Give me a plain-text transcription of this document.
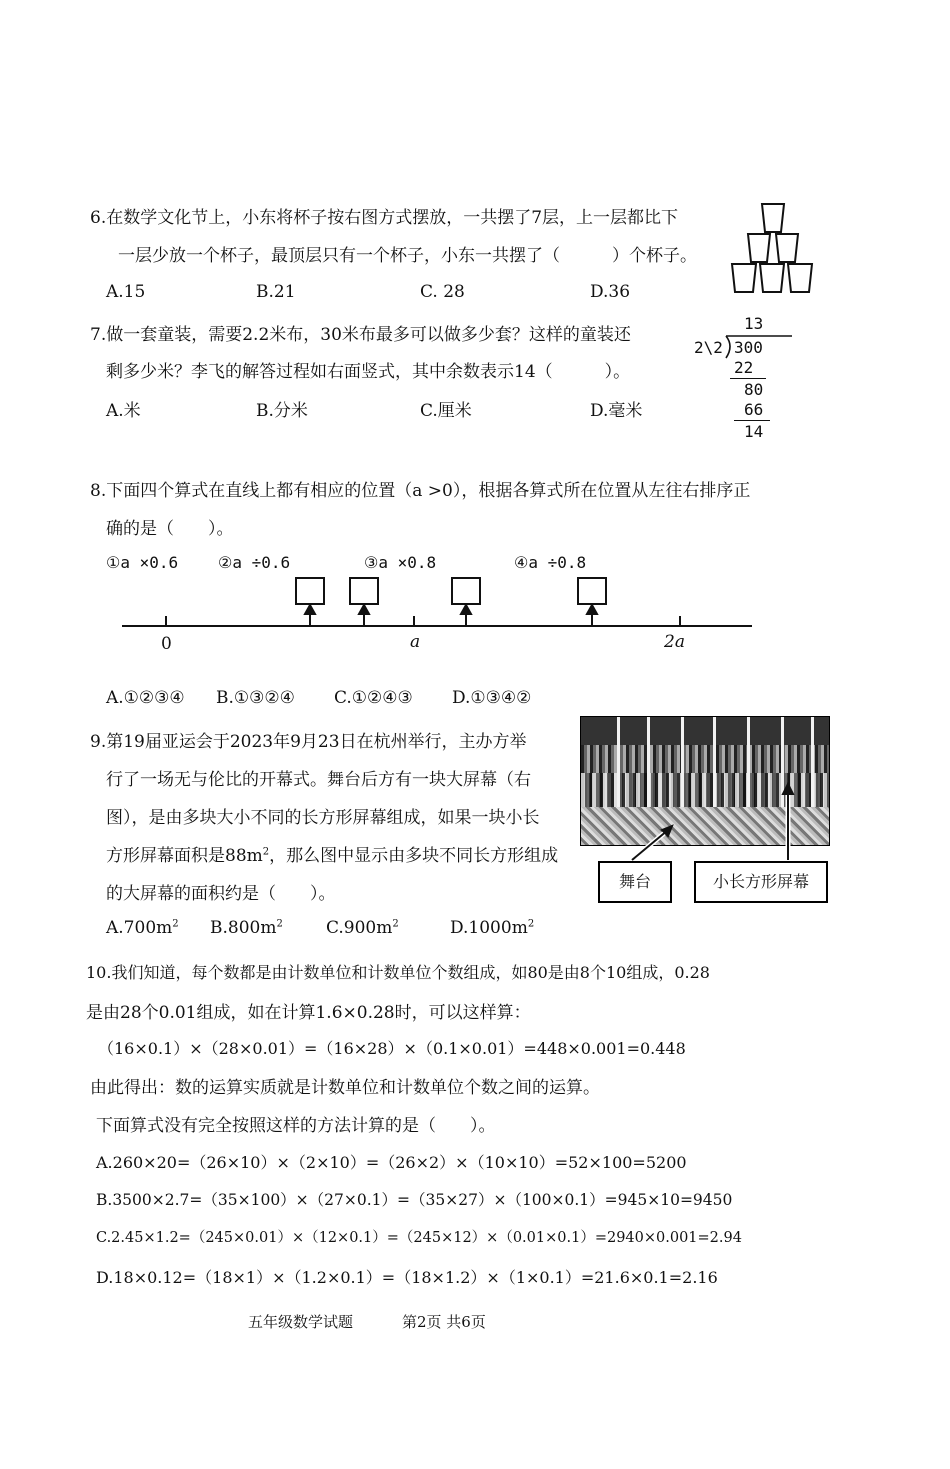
6.在数学文化节上，小东将杯子按右图方式摆放，一共摆了7层，上一层都比下
一层少放一个杯子，最顶层只有一个杯子，小东一共摆了（	）个杯子。
A.15	B.21	C. 28	D.36
7.做一套童装，需要2.2米布，30米布最多可以做多少套？这样的童装还
剩多少米？李飞的解答过程如右面竖式，其中余数表示14（	）。
A.米	B.分米	C.厘米	D.毫米
13
2\2 300
22
80
66
14
8.下面四个算式在直线上都有相应的位置（a >0），根据各算式所在位置从左往右排序正
确的是（　　）。
①a ×0.6 ②a ÷0.6	③a ×0.8	④a ÷0.8
0	a	2a
A.①②③④ B.①③②④ C.①②④③ D.①③④②
9.第19届亚运会于2023年9月23日在杭州举行，主办方举
行了一场无与伦比的开幕式。舞台后方有一块大屏幕（右
图），是由多块大小不同的长方形屏幕组成，如果一块小长
方形屏幕面积是$88m^2$，那么图中显示由多块不同长方形组成
的大屏幕的面积约是（　　）。
舞台	小长方形屏幕
$A.700m^2$ $B.800m^2$	$C.900m^2$	$D.1000m^2$
10.我们知道，每个数都是由计数单位和计数单位个数组成，如80是由8个10组成，0.28
是由28个0.01组成，如在计算1.6×0.28时，可以这样算：
（16×0.1）×（28×0.01）=（16×28）×（0.1×0.01）=448×0.001=0.448
由此得出：数的运算实质就是计数单位和计数单位个数之间的运算。
下面算式没有完全按照这样的方法计算的是（　　）。
A.260×20=（26×10）×（2×10）=（26×2）×（10×10）=52×100=5200
B.3500×2.7=（35×100）×（27×0.1）=（35×27）×（100×0.1）=945×10=9450
C.2.45×1.2=（245×0.01）×（12×0.1）=（245×12）×（0.01×0.1）=2940×0.001=2.94
D.18×0.12=（18×1）×（1.2×0.1）=（18×1.2）×（1×0.1）=21.6×0.1=2.16
五年级数学试题	第2页 共6页
